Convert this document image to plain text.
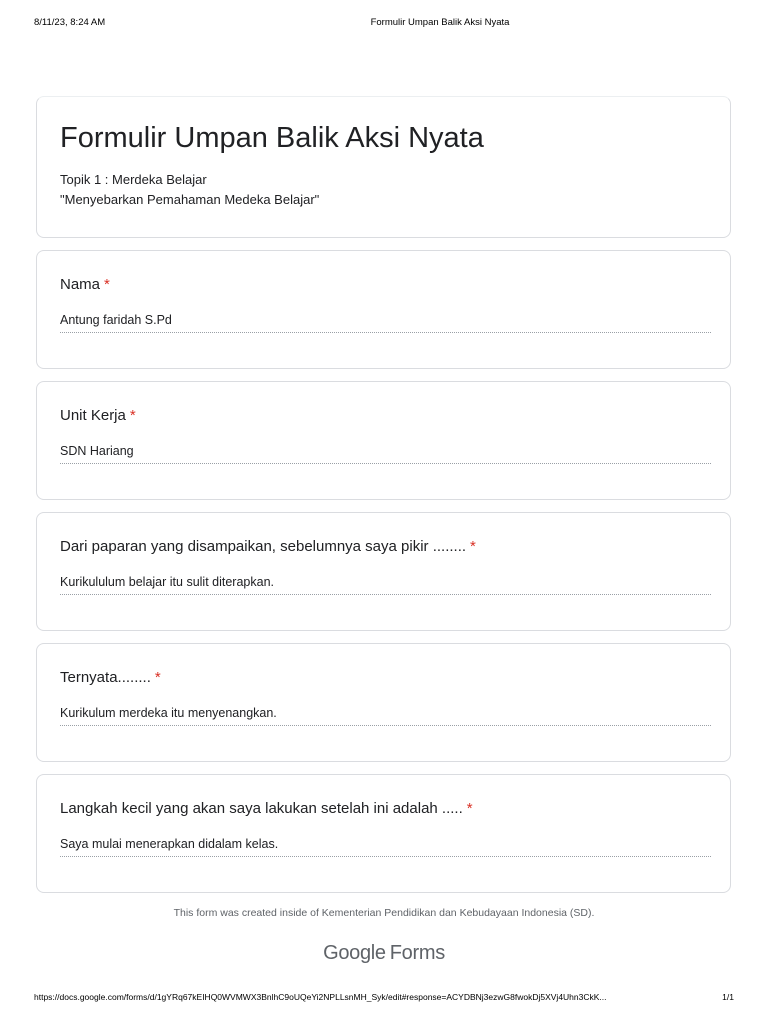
8/11/23, 8:24 AM	Formulir Umpan Balik Aksi Nyata
Formulir Umpan Balik Aksi Nyata
Topik 1 : Merdeka Belajar
"Menyebarkan Pemahaman Medeka Belajar"
Nama *
Antung faridah S.Pd
Unit Kerja *
SDN Hariang
Dari paparan yang disampaikan, sebelumnya saya pikir ........ *
Kurikululum belajar itu sulit diterapkan.
Ternyata........ *
Kurikulum merdeka itu menyenangkan.
Langkah kecil yang akan saya lakukan setelah ini adalah ..... *
Saya mulai menerapkan didalam kelas.
This form was created inside of Kementerian Pendidikan dan Kebudayaan Indonesia (SD).
Google Forms
https://docs.google.com/forms/d/1gYRq67kEIHQ0WVMWX3BnlhC9oUQeYi2NPLLsnMH_Syk/edit#response=ACYDBNj3ezwG8fwokDj5XVj4Uhn3CkK...	1/1
